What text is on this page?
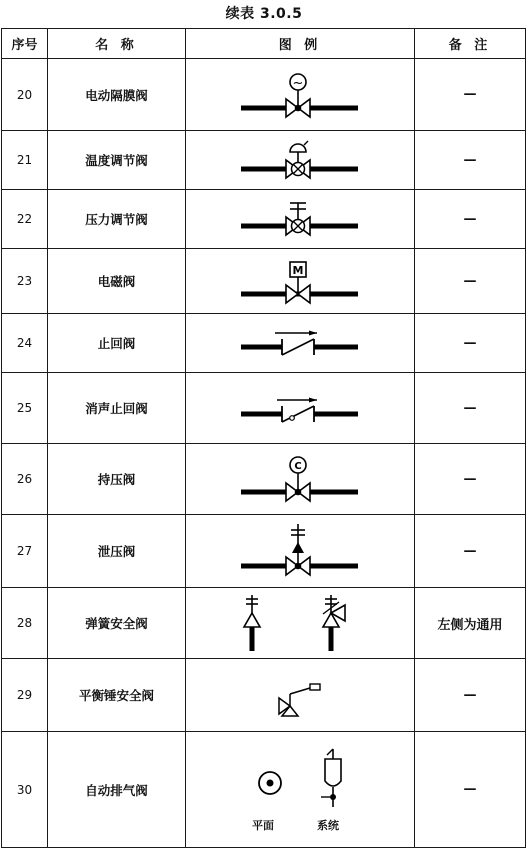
续表 3.0.5
序号	名 称	图 例	备 注
20	电动隔膜阀	~	—
21	温度调节阀		—
22	压力调节阀		—
23	电磁阀	M	—
24	止回阀		—
25	消声止回阀		—
26	持压阀	C	—
27	泄压阀		—
28	弹簧安全阀		左侧为通用
29	平衡锤安全阀		—
30	自动排气阀	平面 系统	—
